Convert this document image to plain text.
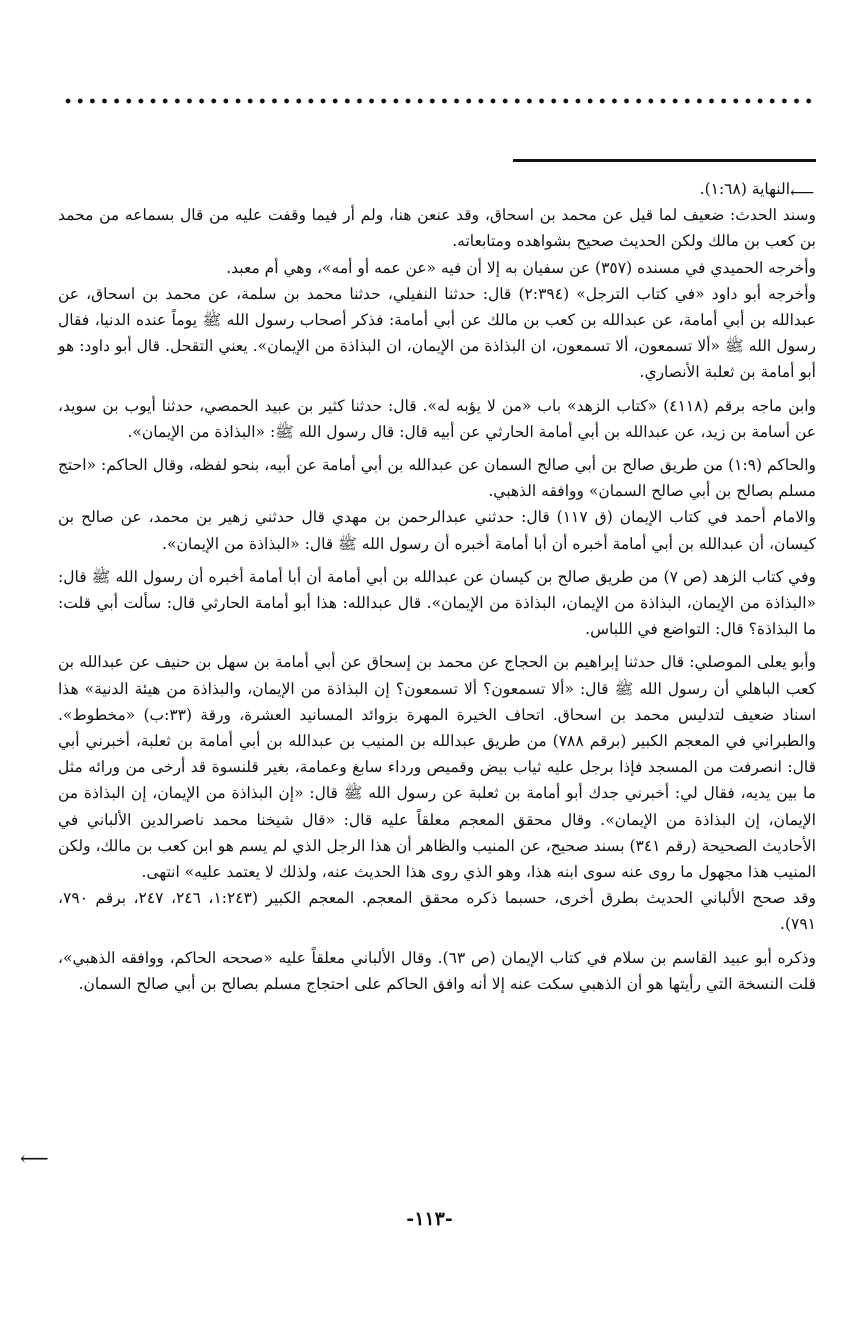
⟵

النهاية (١:٦٨).

وسند الحدث: ضعيف لما قيل عن محمد بن اسحاق، وقد عنعن هنا، ولم أر فيما وقفت عليه من قال بسماعه من محمد بن كعب بن مالك ولكن الحديث صحيح بشواهده ومتابعاته.

وأخرجه الحميدي في مسنده (٣٥٧) عن سفيان به إلا أن فيه «عن عمه أو أمه»، وهي أم معبد.

وأخرجه أبو داود «في كتاب الترجل» (٢:٣٩٤) قال: حدثنا النفيلي، حدثنا محمد بن سلمة، عن محمد بن اسحاق، عن عبدالله بن أبي أمامة، عن عبدالله بن كعب بن مالك عن أبي أمامة: فذكر أصحاب رسول الله ﷺ يوماً عنده الدنيا، فقال رسول الله ﷺ «ألا تسمعون، ألا تسمعون، ان البذاذة من الإيمان، ان البذاذة من الإيمان». يعني التقحل. قال أبو داود: هو أبو أمامة بن ثعلبة الأنصاري.

وابن ماجه برقم (٤١١٨) «كتاب الزهد» باب «من لا يؤبه له». قال: حدثنا كثير بن عبيد الحمصي، حدثنا أيوب بن سويد، عن أسامة بن زيد، عن عبدالله بن أبي أمامة الحارثي عن أبيه قال: قال رسول الله ﷺ: «البذاذة من الإيمان».

والحاكم (١:٩) من طريق صالح بن أبي صالح السمان عن عبدالله بن أبي أمامة عن أبيه، بنحو لفظه، وقال الحاكم: «احتج مسلم بصالح بن أبي صالح السمان» ووافقه الذهبي.

والامام أحمد في كتاب الإيمان (ق ١١٧) قال: حدثني عبدالرحمن بن مهدي قال حدثني زهير بن محمد، عن صالح بن كيسان، أن عبدالله بن أبي أمامة أخبره أن أبا أمامة أخبره أن رسول الله ﷺ قال: «البذاذة من الإيمان».

وفي كتاب الزهد (ص ٧) من طريق صالح بن كيسان عن عبدالله بن أبي أمامة أن أبا أمامة أخبره أن رسول الله ﷺ قال: «البذاذة من الإيمان، البذاذة من الإيمان، البذاذة من الإيمان». قال عبدالله: هذا أبو أمامة الحارثي قال: سألت أبي قلت: ما البذاذة؟ قال: التواضع في اللباس.

وأبو يعلى الموصلي: قال حدثنا إبراهيم بن الحجاج عن محمد بن إسحاق عن أبي أمامة بن سهل بن حنيف عن عبدالله بن كعب الباهلي أن رسول الله ﷺ قال: «ألا تسمعون؟ ألا تسمعون؟ إن البذاذة من الإيمان، والبذاذة من هيئة الدنية» هذا اسناد ضعيف لتدليس محمد بن اسحاق. اتحاف الخيرة المهرة بزوائد المسانيد العشرة، ورقة (٣٣:ب) «مخطوط». والطبراني في المعجم الكبير (برقم ٧٨٨) من طريق عبدالله بن المنيب بن عبدالله بن أبي أمامة بن ثعلبة، أخبرني أبي قال: انصرفت من المسجد فإذا برجل عليه ثياب بيض وقميص ورداء سابغ وعمامة، بغير قلنسوة قد أرخى من ورائه مثل ما بين يديه، فقال لي: أخبرني جدك أبو أمامة بن ثعلبة عن رسول الله ﷺ قال: «إن البذاذة من الإيمان، إن البذاذة من الإيمان، إن البذاذة من الإيمان». وقال محقق المعجم معلقاً عليه قال: «قال شيخنا محمد ناصرالدين الألباني في الأحاديث الصحيحة (رقم ٣٤١) بسند صحيح، عن المنيب والظاهر أن هذا الرجل الذي لم يسم هو ابن كعب بن مالك، ولكن المنيب هذا مجهول ما روى عنه سوى ابنه هذا، وهو الذي روى هذا الحديث عنه، ولذلك لا يعتمد عليه» انتهى.

وقد صحح الألباني الحديث بطرق أخرى، حسبما ذكره محقق المعجم. المعجم الكبير (١:٢٤٣، ٢٤٦، ٢٤٧، برقم ٧٩٠، ٧٩١).

وذكره أبو عبيد القاسم بن سلام في كتاب الإيمان (ص ٦٣). وقال الألباني معلقاً عليه «صححه الحاكم، ووافقه الذهبي»، قلت النسخة التي رأيتها هو أن الذهبي سكت عنه إلا أنه وافق الحاكم على احتجاج مسلم بصالح بن أبي صالح السمان.

⟵
-١١٣-
